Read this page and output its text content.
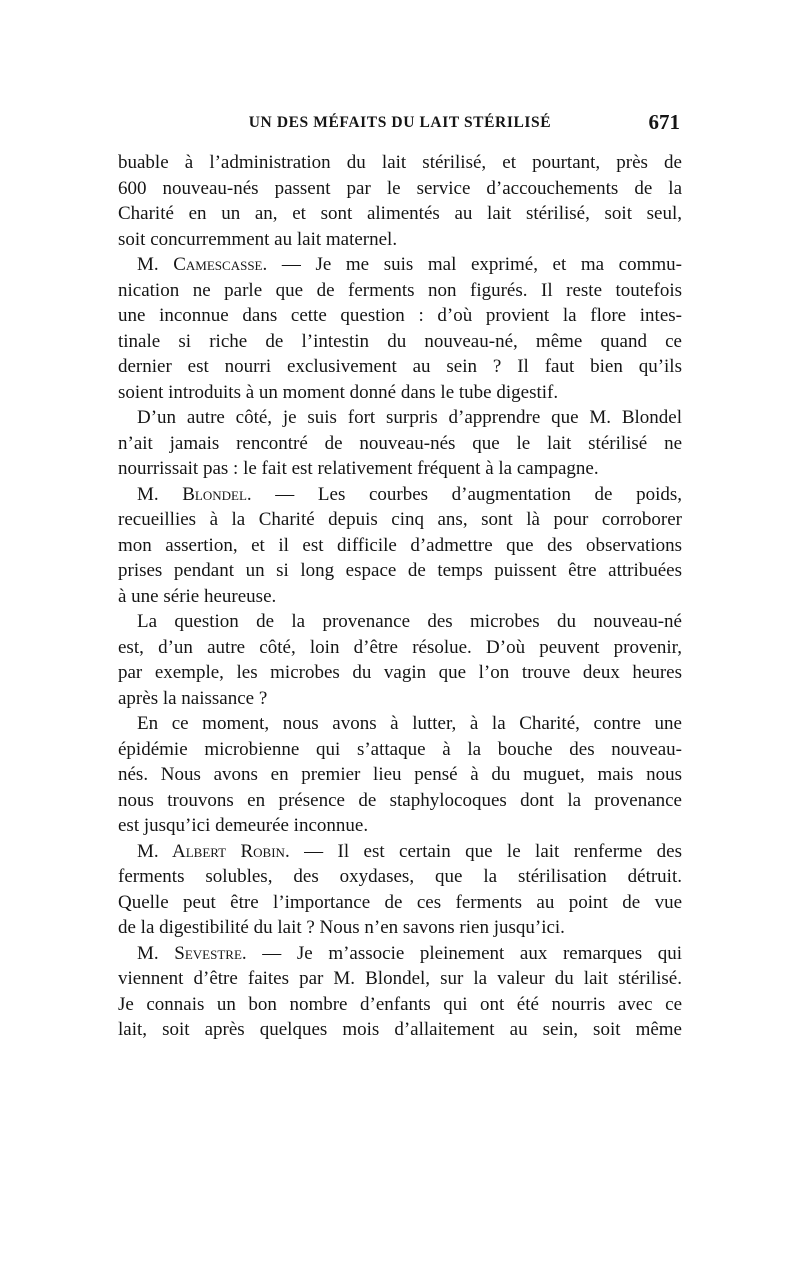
UN DES MÉFAITS DU LAIT STÉRILISÉ	671
buable à l’administration du lait stérilisé, et pourtant, près de
600 nouveau-nés passent par le service d’accouchements de la
Charité en un an, et sont alimentés au lait stérilisé, soit seul,
soit concurremment au lait maternel.
 M. Camescasse. — Je me suis mal exprimé, et ma commu-
nication ne parle que de ferments non figurés. Il reste toutefois
une inconnue dans cette question : d’où provient la flore intes-
tinale si riche de l’intestin du nouveau-né, même quand ce
dernier est nourri exclusivement au sein ? Il faut bien qu’ils
soient introduits à un moment donné dans le tube digestif.
 D’un autre côté, je suis fort surpris d’apprendre que M. Blondel
n’ait jamais rencontré de nouveau-nés que le lait stérilisé ne
nourrissait pas : le fait est relativement fréquent à la campagne.
 M. Blondel. — Les courbes d’augmentation de poids,
recueillies à la Charité depuis cinq ans, sont là pour corroborer
mon assertion, et il est difficile d’admettre que des observations
prises pendant un si long espace de temps puissent être attribuées
à une série heureuse.
 La question de la provenance des microbes du nouveau-né
est, d’un autre côté, loin d’être résolue. D’où peuvent provenir,
par exemple, les microbes du vagin que l’on trouve deux heures
après la naissance ?
 En ce moment, nous avons à lutter, à la Charité, contre une
épidémie microbienne qui s’attaque à la bouche des nouveau-
nés. Nous avons en premier lieu pensé à du muguet, mais nous
nous trouvons en présence de staphylocoques dont la provenance
est jusqu’ici demeurée inconnue.
 M. Albert Robin. — Il est certain que le lait renferme des
ferments solubles, des oxydases, que la stérilisation détruit.
Quelle peut être l’importance de ces ferments au point de vue
de la digestibilité du lait ? Nous n’en savons rien jusqu’ici.
 M. Sevestre. — Je m’associe pleinement aux remarques qui
viennent d’être faites par M. Blondel, sur la valeur du lait stérilisé.
Je connais un bon nombre d’enfants qui ont été nourris avec ce
lait, soit après quelques mois d’allaitement au sein, soit même
